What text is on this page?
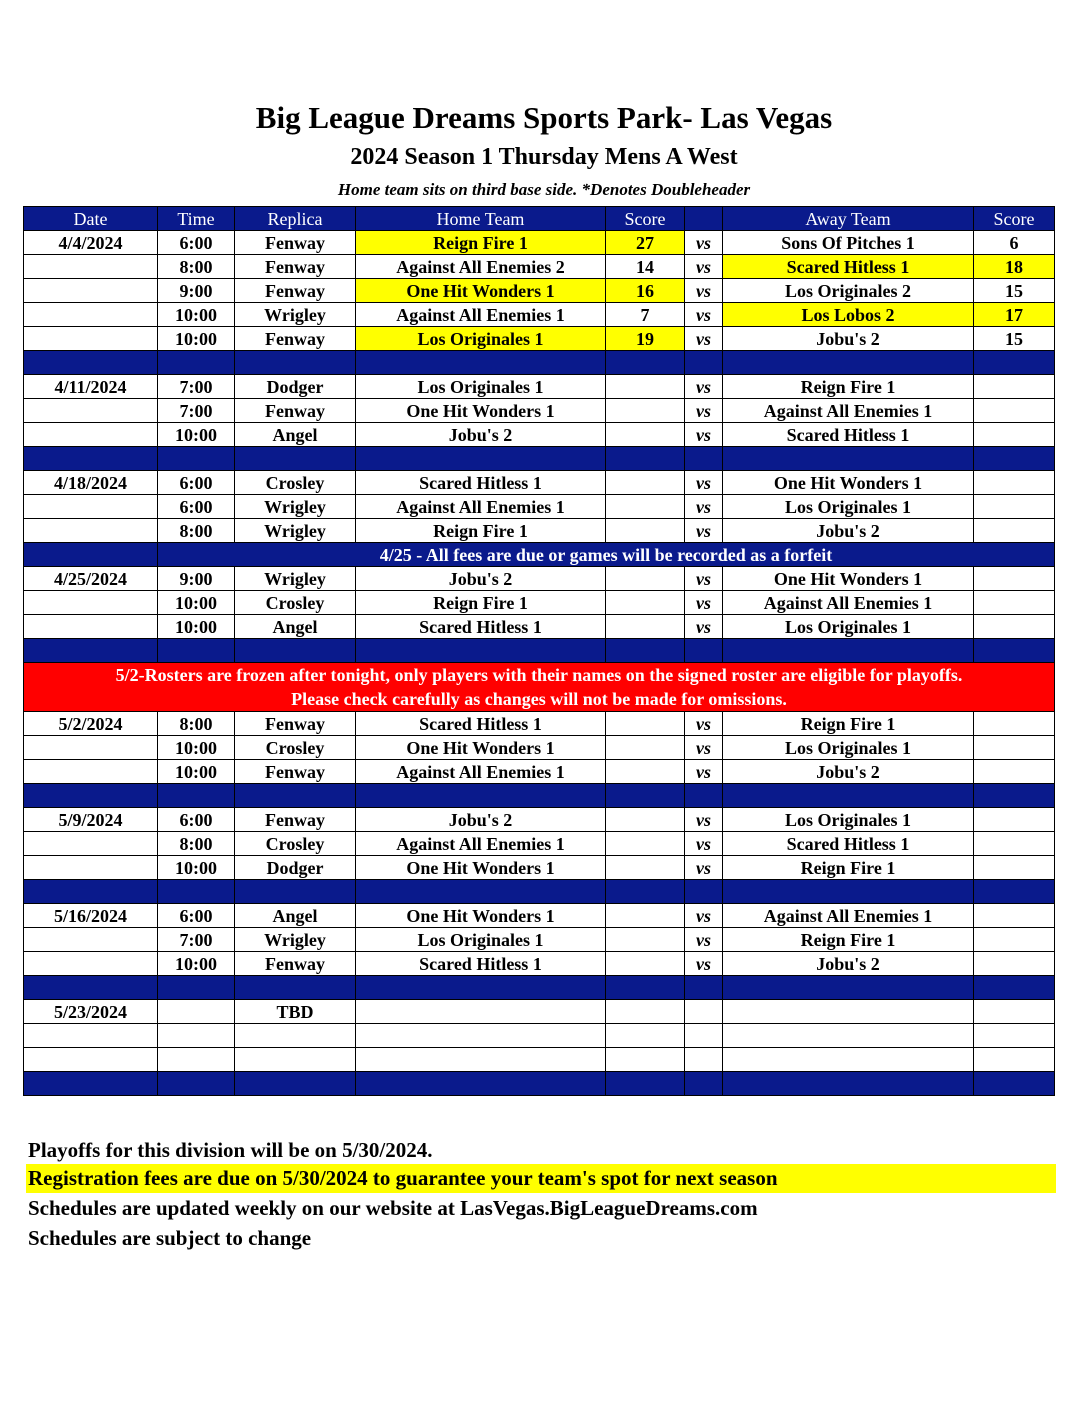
Big League Dreams Sports Park- Las Vegas
2024 Season 1 Thursday Mens A West
Home team sits on third base side. *Denotes Doubleheader
Date	Time	Replica	Home Team	Score		Away Team	Score
4/4/2024	6:00	Fenway	Reign Fire 1	27	vs	Sons Of Pitches 1	6
	8:00	Fenway	Against All Enemies 2	14	vs	Scared Hitless 1	18
	9:00	Fenway	One Hit Wonders 1	16	vs	Los Originales 2	15
	10:00	Wrigley	Against All Enemies 1	7	vs	Los Lobos 2	17
	10:00	Fenway	Los Originales 1	19	vs	Jobu's 2	15

4/11/2024	7:00	Dodger	Los Originales 1		vs	Reign Fire 1	
	7:00	Fenway	One Hit Wonders 1		vs	Against All Enemies 1	
	10:00	Angel	Jobu's 2		vs	Scared Hitless 1	

4/18/2024	6:00	Crosley	Scared Hitless 1		vs	One Hit Wonders 1	
	6:00	Wrigley	Against All Enemies 1		vs	Los Originales 1	
	8:00	Wrigley	Reign Fire 1		vs	Jobu's 2	
	4/25 - All fees are due or games will be recorded as a forfeit						
4/25/2024	9:00	Wrigley	Jobu's 2		vs	One Hit Wonders 1	
	10:00	Crosley	Reign Fire 1		vs	Against All Enemies 1	
	10:00	Angel	Scared Hitless 1		vs	Los Originales 1	

5/2-Rosters are frozen after tonight, only players with their names on the signed roster are eligible for playoffs.
Please check carefully as changes will not be made for omissions.							

5/2/2024	8:00	Fenway	Scared Hitless 1		vs	Reign Fire 1	
	10:00	Crosley	One Hit Wonders 1		vs	Los Originales 1	
	10:00	Fenway	Against All Enemies 1		vs	Jobu's 2	

5/9/2024	6:00	Fenway	Jobu's 2		vs	Los Originales 1	
	8:00	Crosley	Against All Enemies 1		vs	Scared Hitless 1	
	10:00	Dodger	One Hit Wonders 1		vs	Reign Fire 1	

5/16/2024	6:00	Angel	One Hit Wonders 1		vs	Against All Enemies 1	
	7:00	Wrigley	Los Originales 1		vs	Reign Fire 1	
	10:00	Fenway	Scared Hitless 1		vs	Jobu's 2	

5/23/2024		TBD					

Playoffs for this division will be on 5/30/2024.
Registration fees are due on 5/30/2024 to guarantee your team's spot for next season
Schedules are updated weekly on our website at LasVegas.BigLeagueDreams.com
Schedules are subject to change
